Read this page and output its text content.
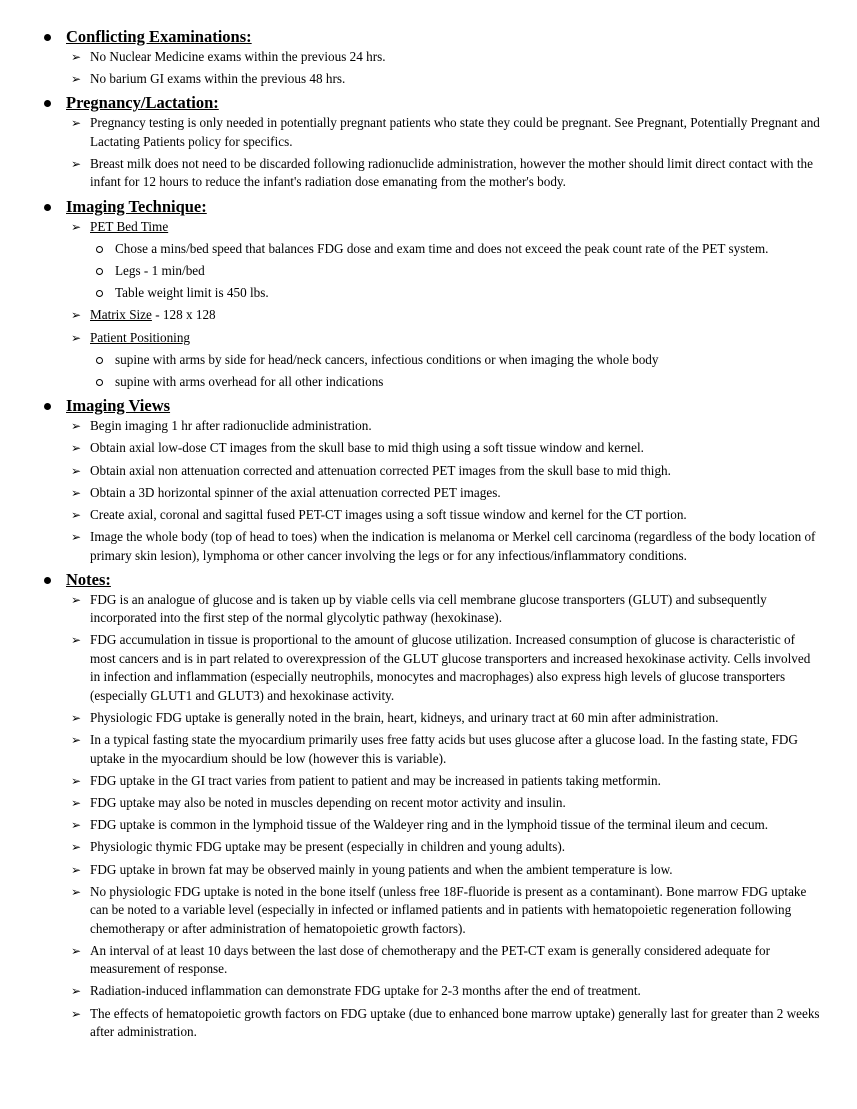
Conflicting Examinations:
➢ No Nuclear Medicine exams within the previous 24 hrs.
➢ No barium GI exams within the previous 48 hrs.
Pregnancy/Lactation:
➢ Pregnancy testing is only needed in potentially pregnant patients who state they could be pregnant. See Pregnant, Potentially Pregnant and Lactating Patients policy for specifics.
➢ Breast milk does not need to be discarded following radionuclide administration, however the mother should limit direct contact with the infant for 12 hours to reduce the infant's radiation dose emanating from the mother's body.
Imaging Technique:
➢ PET Bed Time
Chose a mins/bed speed that balances FDG dose and exam time and does not exceed the peak count rate of the PET system.
Legs - 1 min/bed
Table weight limit is 450 lbs.
➢ Matrix Size - 128 x 128
➢ Patient Positioning
supine with arms by side for head/neck cancers, infectious conditions or when imaging the whole body
supine with arms overhead for all other indications
Imaging Views
➢ Begin imaging 1 hr after radionuclide administration.
➢ Obtain axial low-dose CT images from the skull base to mid thigh using a soft tissue window and kernel.
➢ Obtain axial non attenuation corrected and attenuation corrected PET images from the skull base to mid thigh.
➢ Obtain a 3D horizontal spinner of the axial attenuation corrected PET images.
➢ Create axial, coronal and sagittal fused PET-CT images using a soft tissue window and kernel for the CT portion.
➢ Image the whole body (top of head to toes) when the indication is melanoma or Merkel cell carcinoma (regardless of the body location of primary skin lesion), lymphoma or other cancer involving the legs or for any infectious/inflammatory conditions.
Notes:
➢ FDG is an analogue of glucose and is taken up by viable cells via cell membrane glucose transporters (GLUT) and subsequently incorporated into the first step of the normal glycolytic pathway (hexokinase).
➢ FDG accumulation in tissue is proportional to the amount of glucose utilization. Increased consumption of glucose is characteristic of most cancers and is in part related to overexpression of the GLUT glucose transporters and increased hexokinase activity. Cells involved in infection and inflammation (especially neutrophils, monocytes and macrophages) also express high levels of glucose transporters (especially GLUT1 and GLUT3) and hexokinase activity.
➢ Physiologic FDG uptake is generally noted in the brain, heart, kidneys, and urinary tract at 60 min after administration.
➢ In a typical fasting state the myocardium primarily uses free fatty acids but uses glucose after a glucose load. In the fasting state, FDG uptake in the myocardium should be low (however this is variable).
➢ FDG uptake in the GI tract varies from patient to patient and may be increased in patients taking metformin.
➢ FDG uptake may also be noted in muscles depending on recent motor activity and insulin.
➢ FDG uptake is common in the lymphoid tissue of the Waldeyer ring and in the lymphoid tissue of the terminal ileum and cecum.
➢ Physiologic thymic FDG uptake may be present (especially in children and young adults).
➢ FDG uptake in brown fat may be observed mainly in young patients and when the ambient temperature is low.
➢ No physiologic FDG uptake is noted in the bone itself (unless free 18F-fluoride is present as a contaminant). Bone marrow FDG uptake can be noted to a variable level (especially in infected or inflamed patients and in patients with hematopoietic regeneration following chemotherapy or after administration of hematopoietic growth factors).
➢ An interval of at least 10 days between the last dose of chemotherapy and the PET-CT exam is generally considered adequate for measurement of response.
➢ Radiation-induced inflammation can demonstrate FDG uptake for 2-3 months after the end of treatment.
➢ The effects of hematopoietic growth factors on FDG uptake (due to enhanced bone marrow uptake) generally last for greater than 2 weeks after administration.
